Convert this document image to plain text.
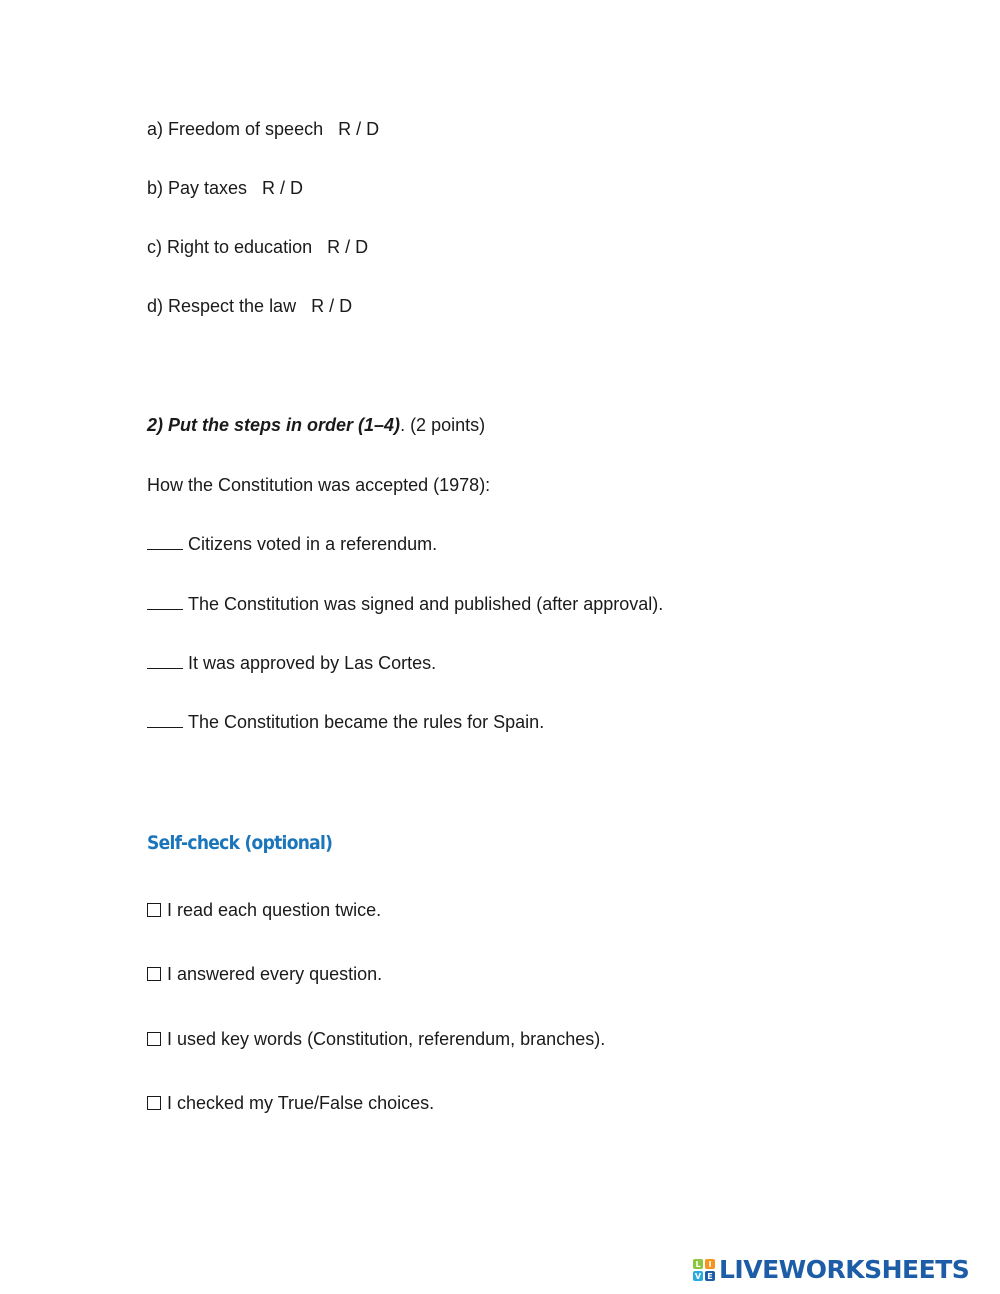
a) Freedom of speech   R / D
b) Pay taxes   R / D
c) Right to education   R / D
d) Respect the law   R / D
2) Put the steps in order (1–4). (2 points)
How the Constitution was accepted (1978):
Citizens voted in a referendum.
The Constitution was signed and published (after approval).
It was approved by Las Cortes.
The Constitution became the rules for Spain.
Self-check (optional)
I read each question twice.
I answered every question.
I used key words (Constitution, referendum, branches).
I checked my True/False choices.
L I
V E LIVEWORKSHEETS
